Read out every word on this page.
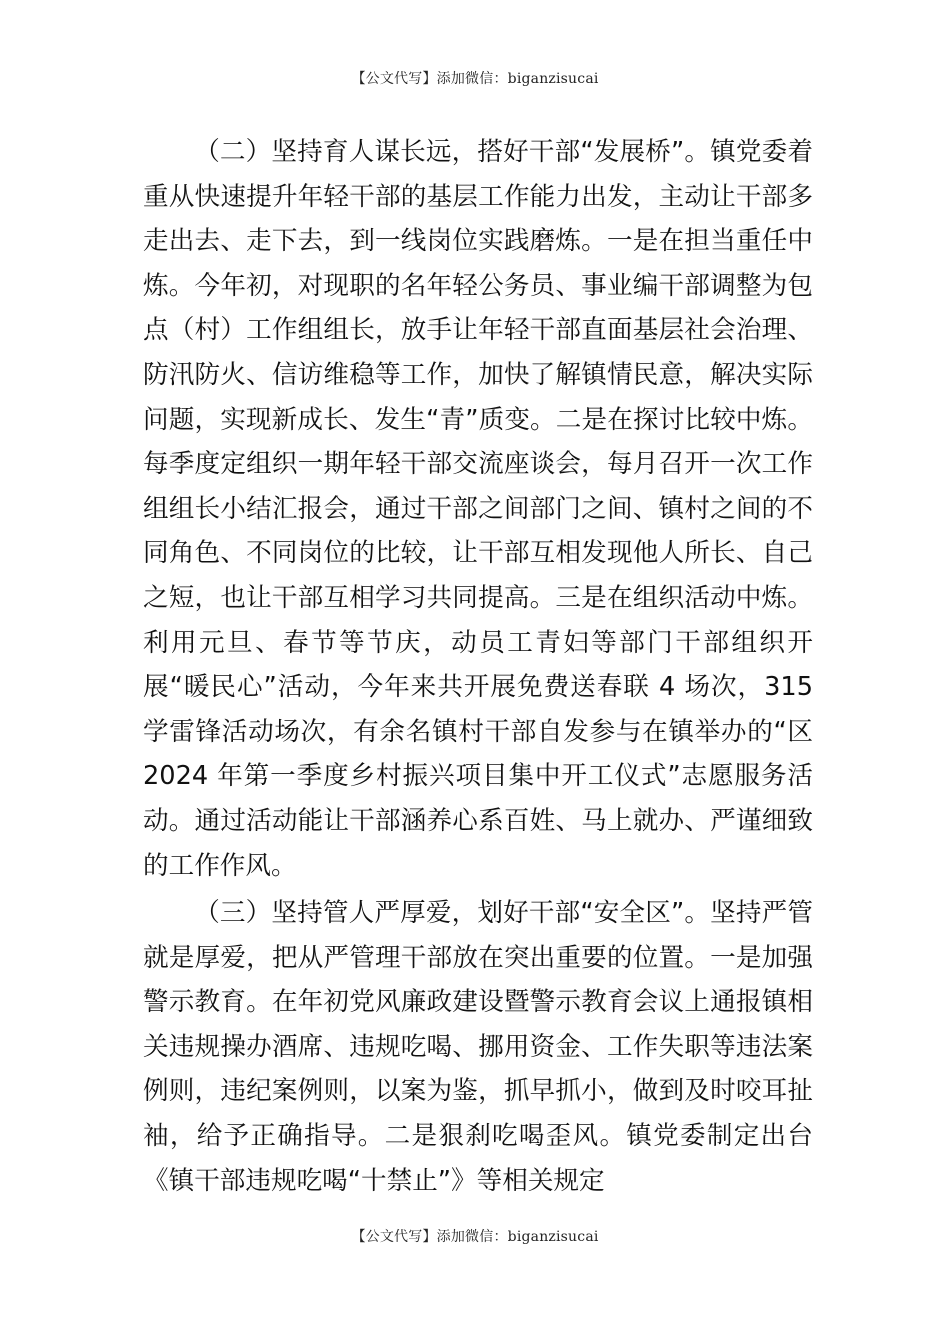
【公文代写】添加微信：biganzisucai

（二）坚持育人谋长远，搭好干部“发展桥”。镇党委着重从快速提升年轻干部的基层工作能力出发，主动让干部多走出去、走下去，到一线岗位实践磨炼。一是在担当重任中炼。今年初，对现职的名年轻公务员、事业编干部调整为包点（村）工作组组长，放手让年轻干部直面基层社会治理、防汛防火、信访维稳等工作，加快了解镇情民意，解决实际问题，实现新成长、发生“青”质变。二是在探讨比较中炼。每季度定组织一期年轻干部交流座谈会，每月召开一次工作组组长小结汇报会，通过干部之间部门之间、镇村之间的不同角色、不同岗位的比较，让干部互相发现他人所长、自己之短，也让干部互相学习共同提高。三是在组织活动中炼。利用元旦、春节等节庆，动员工青妇等部门干部组织开展“暖民心”活动，今年来共开展免费送春联 4 场次，315 学雷锋活动场次，有余名镇村干部自发参与在镇举办的“区 2024 年第一季度乡村振兴项目集中开工仪式”志愿服务活动。通过活动能让干部涵养心系百姓、马上就办、严谨细致的工作作风。

（三）坚持管人严厚爱，划好干部“安全区”。坚持严管就是厚爱，把从严管理干部放在突出重要的位置。一是加强警示教育。在年初党风廉政建设暨警示教育会议上通报镇相关违规操办酒席、违规吃喝、挪用资金、工作失职等违法案例则，违纪案例则，以案为鉴，抓早抓小，做到及时咬耳扯袖，给予正确指导。二是狠刹吃喝歪风。镇党委制定出台《镇干部违规吃喝“十禁止”》等相关规定

【公文代写】添加微信：biganzisucai
